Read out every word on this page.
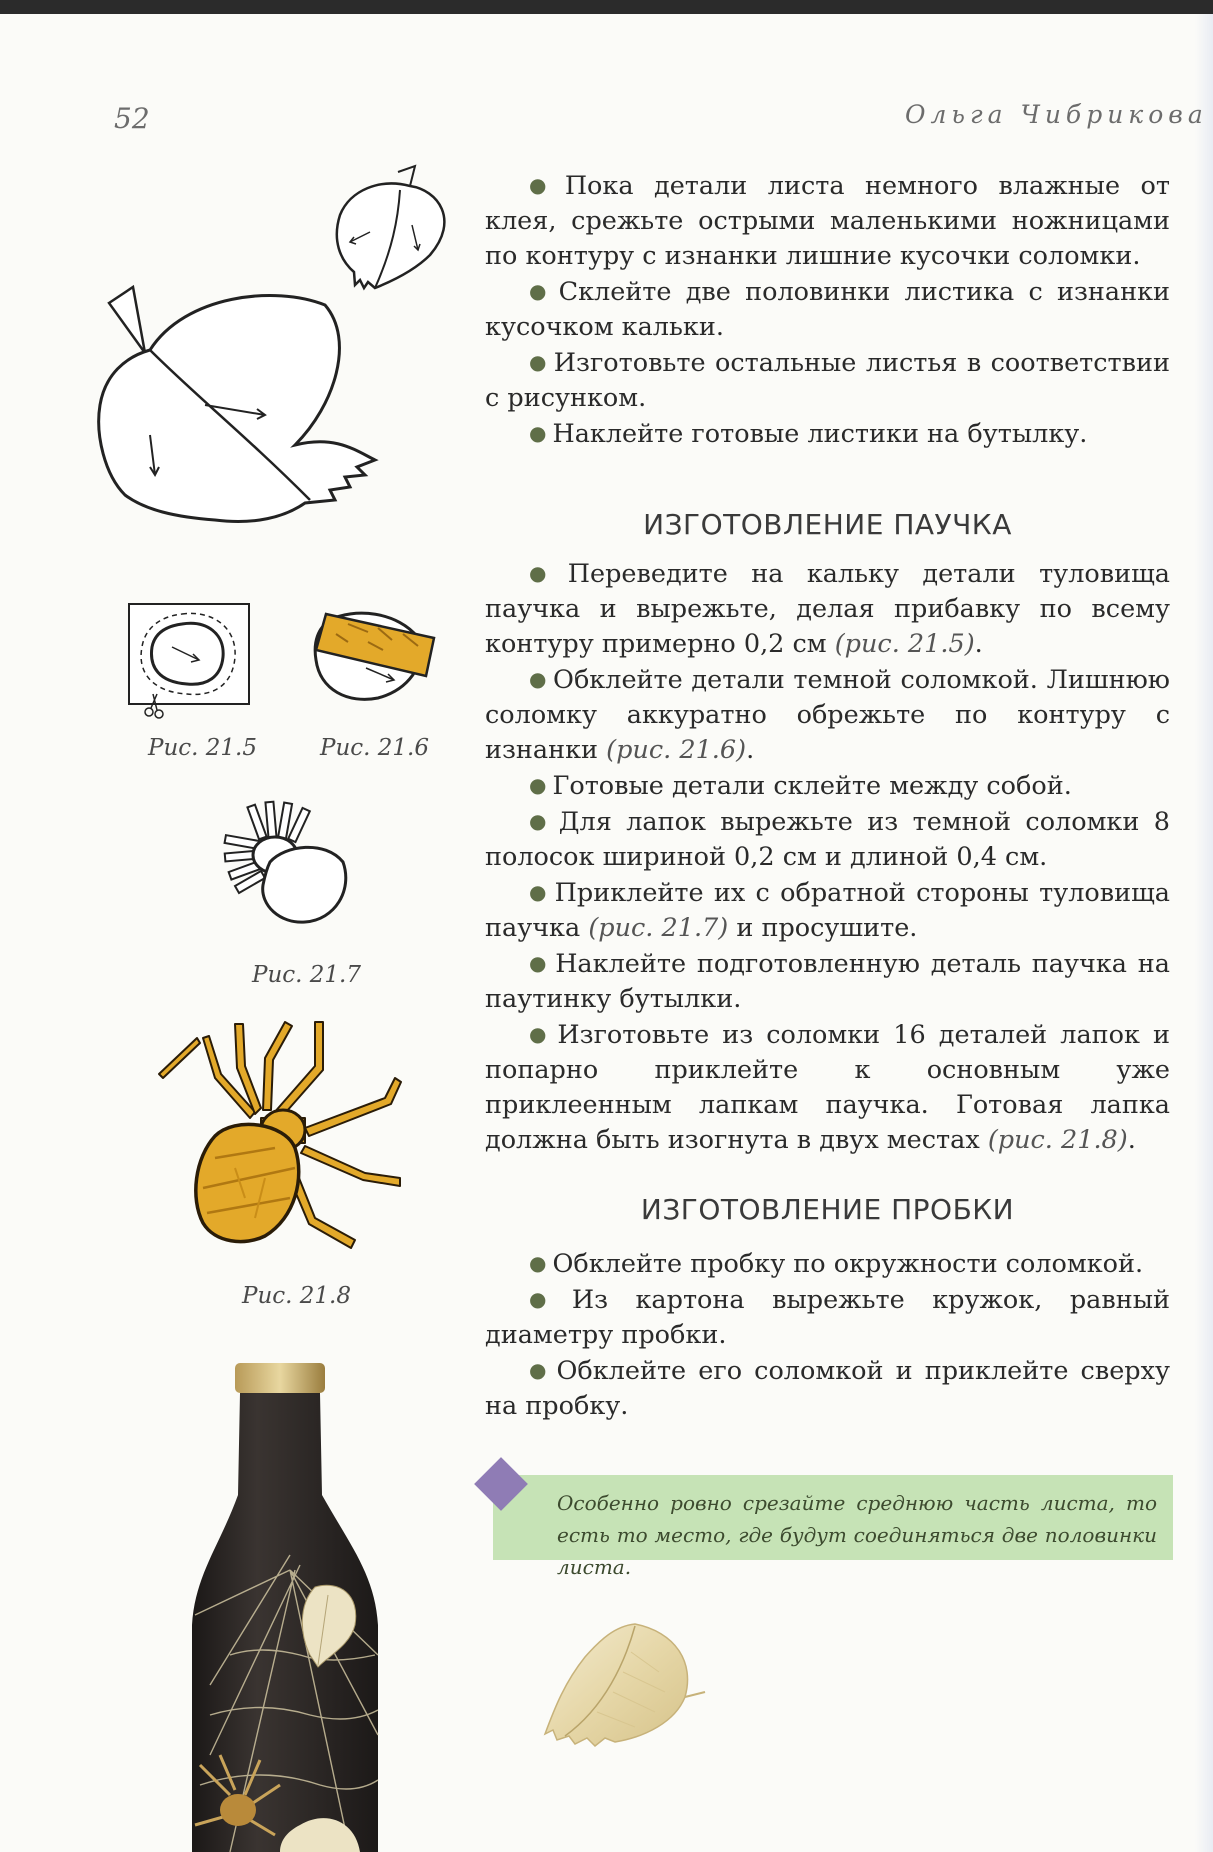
52	Ольга Чибрикова

● Пока детали листа немного влажные от клея, срежьте острыми маленькими ножницами по контуру с изнанки лишние кусочки соломки.

● Склейте две половинки листика с изнанки кусочком кальки.

● Изготовьте остальные листья в соответствии с рисунком.

● Наклейте готовые листики на бутылку.

ИЗГОТОВЛЕНИЕ ПАУЧКА

● Переведите на кальку детали туловища паучка и вырежьте, делая прибавку по всему контуру примерно 0,2 см (рис. 21.5).

● Обклейте детали темной соломкой. Лишнюю соломку аккуратно обрежьте по контуру с изнанки (рис. 21.6).

● Готовые детали склейте между собой.

● Для лапок вырежьте из темной соломки 8 полосок шириной 0,2 см и длиной 0,4 см.

● Приклейте их с обратной стороны туловища паучка (рис. 21.7) и просушите.

● Наклейте подготовленную деталь паучка на паутинку бутылки.

● Изготовьте из соломки 16 деталей лапок и попарно приклейте к основным уже приклеенным лапкам паучка. Готовая лапка должна быть изогнута в двух местах (рис. 21.8).

ИЗГОТОВЛЕНИЕ ПРОБКИ

● Обклейте пробку по окружности соломкой.

● Из картона вырежьте кружок, равный диаметру пробки.

● Обклейте его соломкой и приклейте сверху на пробку.

Особенно ровно срезайте среднюю часть листа, то есть то место, где будут соединяться две половинки листа.

Рис. 21.5	Рис. 21.6
Рис. 21.7
Рис. 21.8
